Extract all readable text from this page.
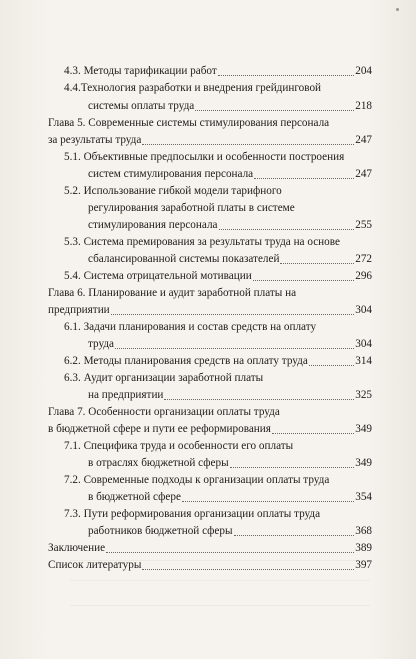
4.3. Методы тарификации работ	204
4.4.Технология разработки и внедрения грейдинговой
системы оплаты труда	218
Глава 5. Современные системы стимулирования персонала
за результаты труда	247
5.1. Объективные предпосылки и особенности построения
систем стимулирования персонала	247
5.2. Использование гибкой модели тарифного
регулирования заработной платы в системе
стимулирования персонала	255
5.3. Система премирования за результаты труда на основе
сбалансированной системы показателей	272
5.4. Система отрицательной мотивации	296
Глава 6. Планирование и аудит заработной платы на
предприятии	304
6.1. Задачи планирования и состав средств на оплату
труда	304
6.2. Методы планирования средств на оплату труда	314
6.3. Аудит организации заработной платы
на предприятии	325
Глава 7. Особенности организации оплаты труда
в бюджетной сфере и пути ее реформирования	349
7.1. Специфика труда и особенности его оплаты
в отраслях бюджетной сферы	349
7.2. Современные подходы к организации оплаты труда
в бюджетной сфере	354
7.3. Пути реформирования организации оплаты труда
работников бюджетной сферы	368
Заключение	389
Список литературы	397
